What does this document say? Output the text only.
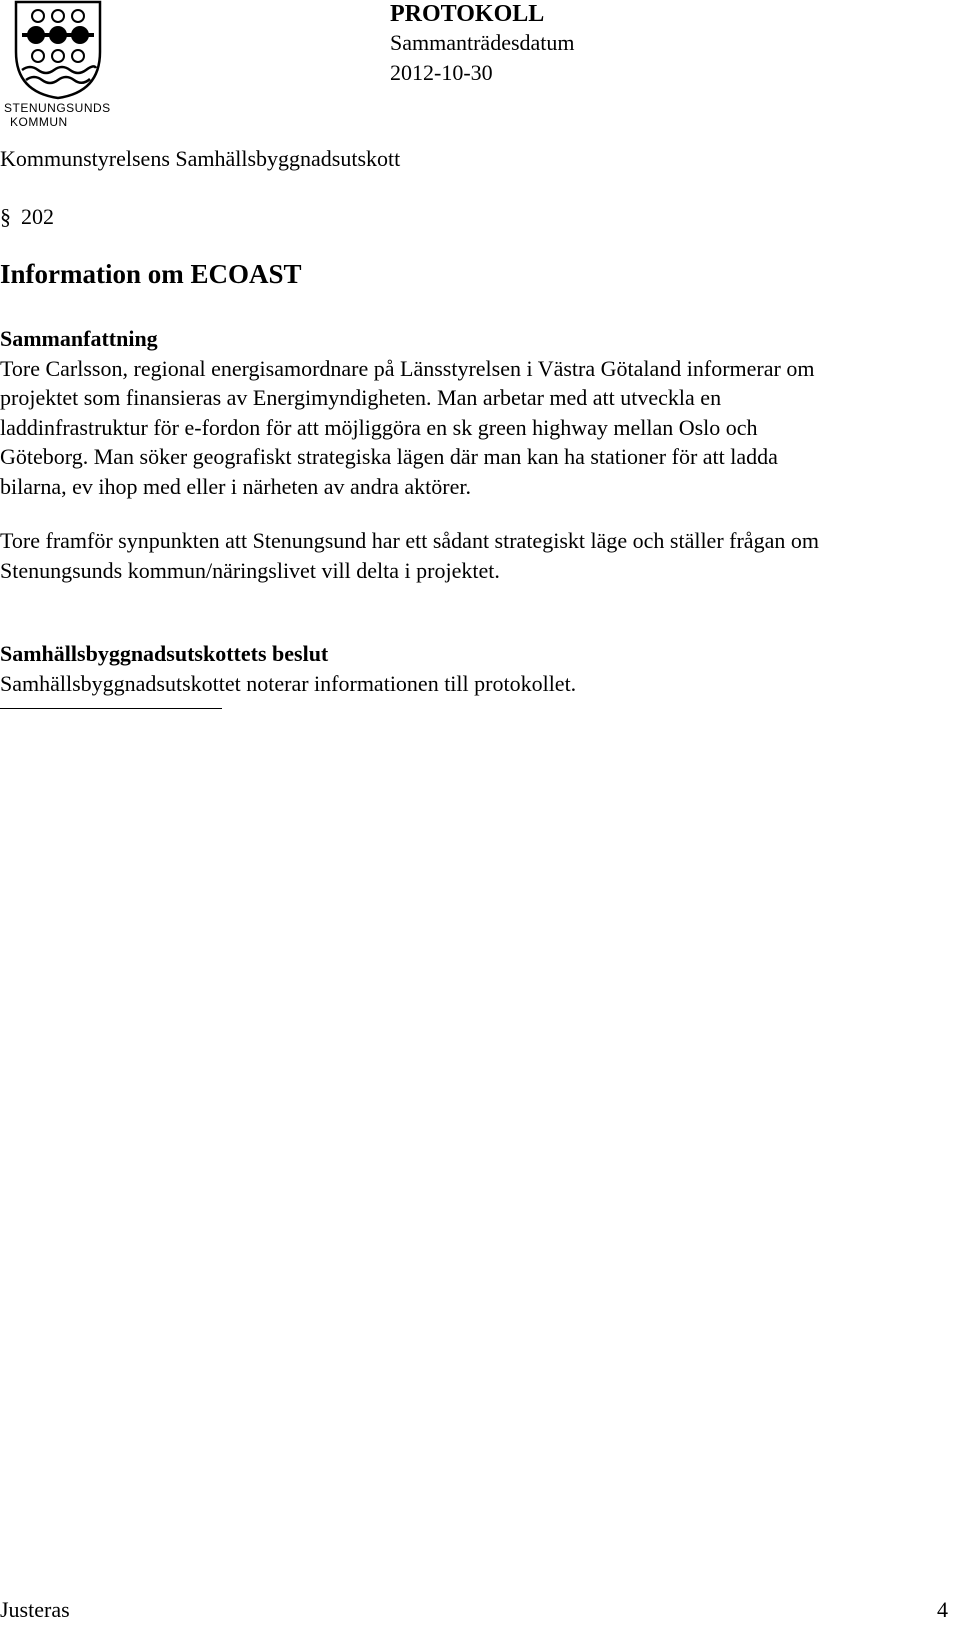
STENUNGSUNDS
KOMMUN
PROTOKOLL
Sammanträdesdatum
2012-10-30
Kommunstyrelsens Samhällsbyggnadsutskott
§ 202
Information om ECOAST

Sammanfattning

Tore Carlsson, regional energisamordnare på Länsstyrelsen i Västra Götaland informerar om

projektet som finansieras av Energimyndigheten. Man arbetar med att utveckla en

laddinfrastruktur för e-fordon för att möjliggöra en sk green highway mellan Oslo och

Göteborg. Man söker geografiskt strategiska lägen där man kan ha stationer för att ladda

bilarna, ev ihop med eller i närheten av andra aktörer.

Tore framför synpunkten att Stenungsund har ett sådant strategiskt läge och ställer frågan om

Stenungsunds kommun/näringslivet vill delta i projektet.

Samhällsbyggnadsutskottets beslut

Samhällsbyggnadsutskottet noterar informationen till protokollet.

Justeras	4
